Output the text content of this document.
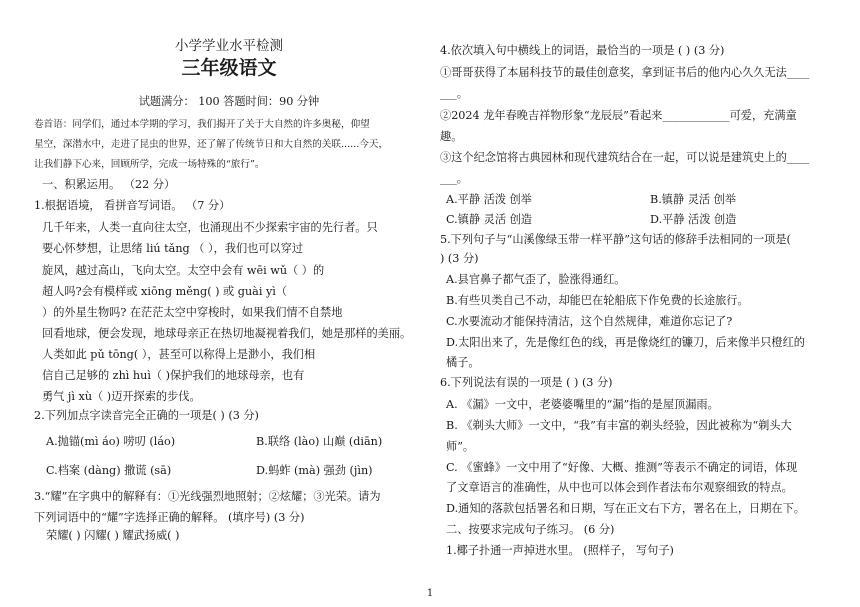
小学学业水平检测
三年级语文
试题满分： 100 答题时间：90 分钟
卷首语：同学们，通过本学期的学习，我们揭开了关于大自然的许多奥秘，仰望
星空，深潜水中，走进了昆虫的世界，还了解了传统节日和大自然的关联......今天，
让我们静下心来，回顾所学，完成一场特殊的“旅行”。
一、积累运用。 （22 分）
1.根据语境， 看拼音写词语。 （7 分）
几千年来，人类一直向往太空，也涌现出不少探索宇宙的先行者。只
要心怀梦想，让思绪 liú tǎng （ ），我们也可以穿过
旋风，越过高山，飞向太空。太空中会有 wēi wǔ（ ）的
超人吗?会有模样或 xiōng měng( ) 或 guài yì（
）的外星生物吗? 在茫茫太空中穿梭时，如果我们情不自禁地
回看地球，便会发现，地球母亲正在热切地凝视着我们，她是那样的美丽。
人类如此 pǔ tōng( ），甚至可以称得上是渺小，我们相
信自己足够的 zhì huì（ )保护我们的地球母亲，也有
勇气 jì xù（ )迈开探索的步伐。
2.下列加点字读音完全正确的一项是( ) (3 分)
A.抛锚(mì áo) 唠叨 (láo)	B.联络 (lào) 山巅 (diān)
C.档案 (dàng) 撒谎 (sā)	D.蚂蚱 (mà) 强劲 (jìn)
3.“耀”在字典中的解释有：①光线强烈地照射；②炫耀；③光荣。请为
下列词语中的“耀”字选择正确的解释。 (填序号) (3 分)
荣耀( ) 闪耀( ) 耀武扬威( )
4.依次填入句中横线上的词语，最恰当的一项是 ( ) (3 分)
①哥哥获得了本届科技节的最佳创意奖，拿到证书后的他内心久久无法____
___。
②2024 龙年春晚吉祥物形象“龙辰辰”看起来____________可爱，充满童
趣。
③这个纪念馆将古典园林和现代建筑结合在一起，可以说是建筑史上的____
___。
A.平静 活泼 创举	B.镇静 灵活 创举
C.镇静 灵活 创造	D.平静 活泼 创造
5.下列句子与“山溪像绿玉带一样平静”这句话的修辞手法相同的一项是(
) (3 分)
A.县官鼻子都气歪了，脸涨得通红。
B.有些贝类自己不动，却能巴在轮船底下作免费的长途旅行。
C.水要流动才能保持清洁，这个自然规律，难道你忘记了?
D.太阳出来了，先是像红色的线，再是像烧红的镰刀，后来像半只橙红的
橘子。
6.下列说法有误的一项是 ( ) (3 分)
A. 《漏》一文中，老婆婆嘴里的“漏”指的是屋顶漏雨。
B. 《剃头大师》一文中，“我”有丰富的剃头经验，因此被称为“剃头大
师”。
C. 《蜜蜂》一文中用了“好像、大概、推测”等表示不确定的词语，体现
了文章语言的准确性，从中也可以体会到作者法布尔观察细致的特点。
D.通知的落款包括署名和日期，写在正文右下方，署名在上，日期在下。
二、按要求完成句子练习。 (6 分)
1.椰子扑通一声掉进水里。 (照样子， 写句子)
1
